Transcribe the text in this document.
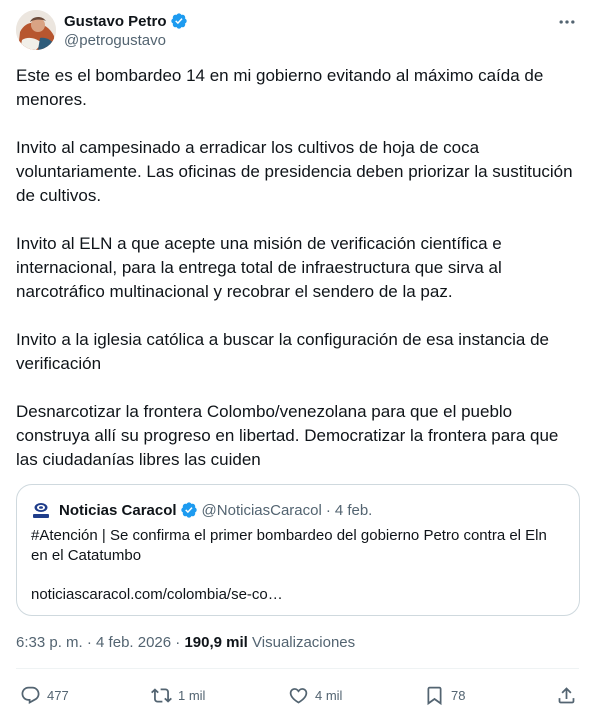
Gustavo Petro
@petrogustavo

Este es el bombardeo 14 en mi gobierno evitando al máximo caída de menores.

Invito al campesinado a erradicar los cultivos de hoja de coca voluntariamente. Las oficinas de presidencia deben priorizar la sustitución de cultivos.

Invito al ELN a que acepte una misión de verificación científica e internacional, para la entrega total de infraestructura que sirva al narcotráfico multinacional y recobrar el sendero de la paz.

Invito a la iglesia católica a buscar la configuración de esa instancia de verificación

Desnarcotizar la frontera Colombo/venezolana para que el pueblo construya allí su progreso en libertad. Democratizar la frontera para que las ciudadanías libres las cuiden

Noticias Caracol @NoticiasCaracol · 4 feb.
#Atención | Se confirma el primer bombardeo del gobierno Petro contra el Eln en el Catatumbo
noticiascaracol.com/colombia/se-co…
6:33 p. m. · 4 feb. 2026 · 190,9 mil Visualizaciones
477	1 mil	4 mil	78
